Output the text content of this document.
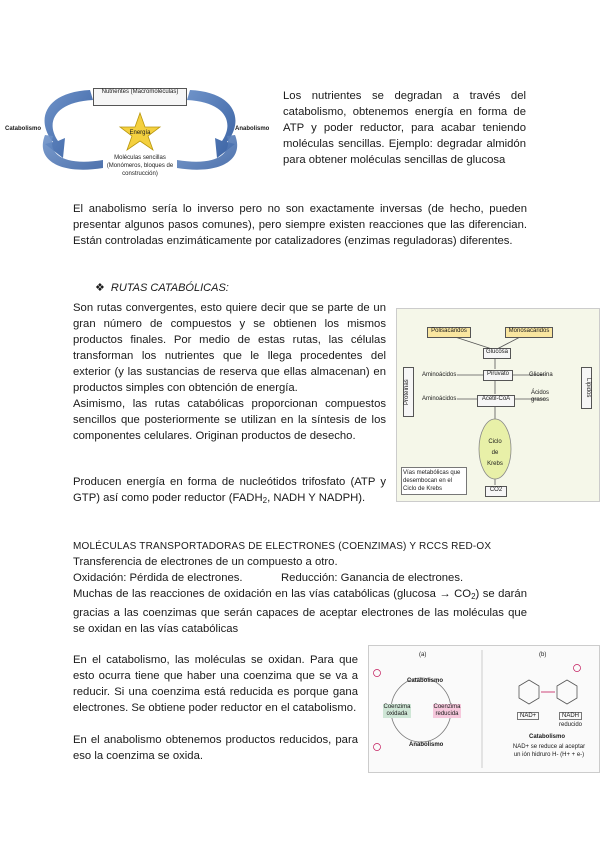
Nutrientes (Macromoléculas)
Energía
Moléculas sencillas (Monómeros, bloques de construcción)
Catabolismo	Anabolismo
Los nutrientes se degradan a través del catabolismo, obtenemos energía en forma de ATP y poder reductor, para acabar teniendo moléculas sencillas. Ejemplo: degradar almidón para obtener moléculas sencillas de glucosa
El anabolismo sería lo inverso pero no son exactamente inversas (de hecho, pueden presentar algunos pasos comunes), pero siempre existen reacciones que las diferencian. Están controladas enzimáticamente por catalizadores (enzimas reguladoras) diferentes.
❖ RUTAS CATABÓLICAS:
Son rutas convergentes, esto quiere decir que se parte de un gran número de compuestos y se obtienen los mismos productos finales. Por medio de estas rutas, las células transforman los nutrientes que le llega procedentes del exterior (y las sustancias de reserva que ellas almacenan) en productos simples con obtención de energía.
Asimismo, las rutas catabólicas proporcionan compuestos sencillos que posteriormente se utilizan en la síntesis de los componentes celulares. Originan productos de desecho.
Producen energía en forma de nucleótidos trifosfato (ATP y GTP) así como poder reductor ($FADH_2$, NADH Y NADPH).
Polisacáridos	Monosacáridos
Glucosa
Piruvato
Aminoácidos
Aminoácidos
Glicerina
Ácidos grasos
Acetil-CoA
Proteínas	Lípidos
Ciclo de Krebs
Vías metabólicas que desembocan en el Ciclo de Krebs	CO2
MOLÉCULAS TRANSPORTADORAS DE ELECTRONES (COENZIMAS) Y RCCS RED-OX
Transferencia de electrones de un compuesto a otro.
Oxidación: Pérdida de electrones.	Reducción: Ganancia de electrones.
Muchas de las reacciones de oxidación en las vías catabólicas $(glucosa \to CO_2)$ se darán gracias a las coenzimas que serán capaces de aceptar electrones de las moléculas que se oxidan en las vías catabólicas
En el catabolismo, las moléculas se oxidan. Para que esto ocurra tiene que haber una coenzima que se va a reducir. Si una coenzima está reducida es porque gana electrones. Se obtiene poder reductor en el catabolismo.
En el anabolismo obtenemos productos reducidos, para eso la coenzima se oxida.
(a)	(b)
Catabolismo
Anabolismo
Coenzima oxidada
Coenzima reducida	NAD+	NADH
reducido
Catabolismo
NAD+ se reduce al aceptar un ión hidruro H- (H+ + e-)
